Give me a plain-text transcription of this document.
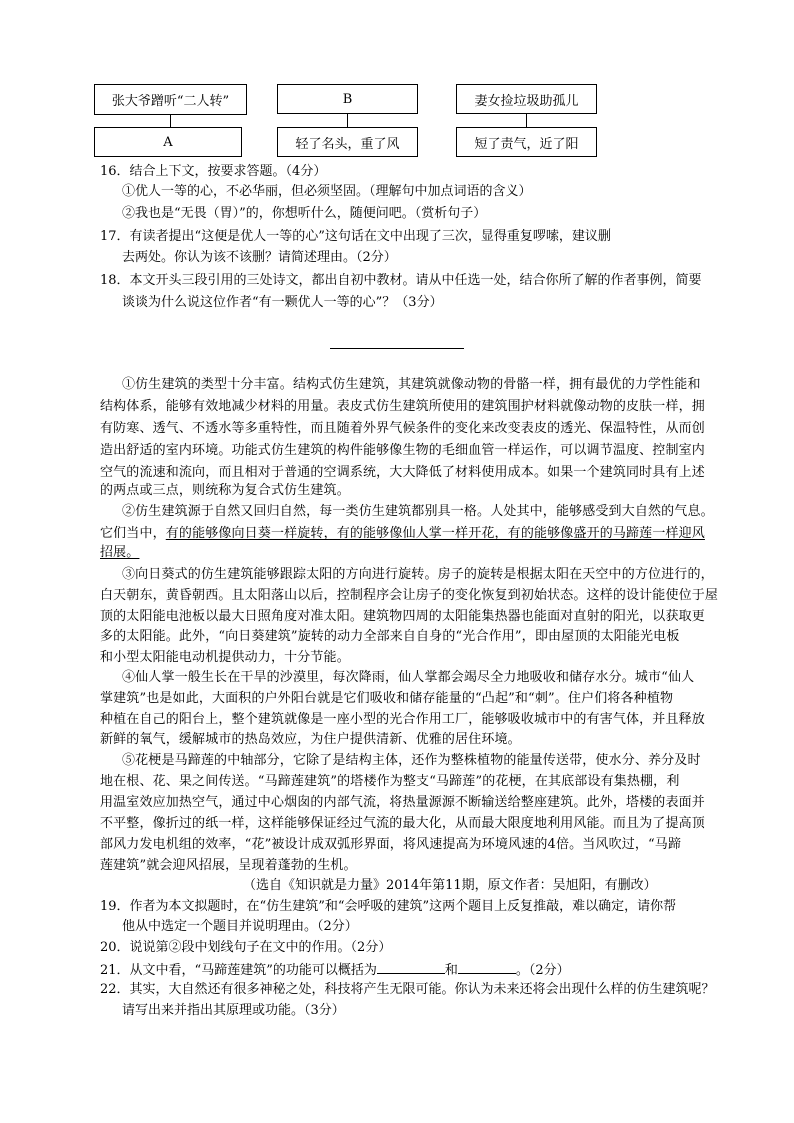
张大爷蹭听“二人转”
A
B
轻了名头，重了风
妻女捡垃圾助孤儿
短了责气，近了阳
16．结合上下文，按要求答题。（4分）
①优人一等的心，不必华丽，但必须坚固。（理解句中加点词语的含义）
②我也是“无畏（胃）”的，你想听什么，随便问吧。（赏析句子）
17．有读者提出“这便是优人一等的心”这句话在文中出现了三次，显得重复啰嗦，建议删
去两处。你认为该不该删？请简述理由。（2分）
18．本文开头三段引用的三处诗文，都出自初中教材。请从中任选一处，结合你所了解的作者事例，简要
谈谈为什么说这位作者“有一颗优人一等的心”？（3分）
①仿生建筑的类型十分丰富。结构式仿生建筑，其建筑就像动物的骨骼一样，拥有最优的力学性能和
结构体系，能够有效地减少材料的用量。表皮式仿生建筑所使用的建筑围护材料就像动物的皮肤一样，拥
有防寒、透气、不透水等多重特性，而且随着外界气候条件的变化来改变表皮的透光、保温特性，从而创
造出舒适的室内环境。功能式仿生建筑的构件能够像生物的毛细血管一样运作，可以调节温度、控制室内
空气的流速和流向，而且相对于普通的空调系统，大大降低了材料使用成本。如果一个建筑同时具有上述
的两点或三点，则统称为复合式仿生建筑。
②仿生建筑源于自然又回归自然，每一类仿生建筑都别具一格。人处其中，能够感受到大自然的气息。
它们当中，有的能够像向日葵一样旋转，有的能够像仙人掌一样开花，有的能够像盛开的马蹄莲一样迎风
招展。
③向日葵式的仿生建筑能够跟踪太阳的方向进行旋转。房子的旋转是根据太阳在天空中的方位进行的，
白天朝东，黄昏朝西。且太阳落山以后，控制程序会让房子的变化恢复到初始状态。这样的设计能使位于屋
顶的太阳能电池板以最大日照角度对准太阳。建筑物四周的太阳能集热器也能面对直射的阳光，以获取更
多的太阳能。此外，“向日葵建筑”旋转的动力全部来自自身的“光合作用”，即由屋顶的太阳能光电板
和小型太阳能电动机提供动力，十分节能。
④仙人掌一般生长在干旱的沙漠里，每次降雨，仙人掌都会竭尽全力地吸收和储存水分。城市“仙人
掌建筑”也是如此，大面积的户外阳台就是它们吸收和储存能量的“凸起”和“刺”。住户们将各种植物
种植在自己的阳台上，整个建筑就像是一座小型的光合作用工厂，能够吸收城市中的有害气体，并且释放
新鲜的氧气，缓解城市的热岛效应，为住户提供清新、优雅的居住环境。
⑤花梗是马蹄莲的中轴部分，它除了是结构主体，还作为整株植物的能量传送带，使水分、养分及时
地在根、花、果之间传送。“马蹄莲建筑”的塔楼作为整支“马蹄莲”的花梗，在其底部设有集热棚，利
用温室效应加热空气，通过中心烟囱的内部气流，将热量源源不断输送给整座建筑。此外，塔楼的表面并
不平整，像折过的纸一样，这样能够保证经过气流的最大化，从而最大限度地利用风能。而且为了提高顶
部风力发电机组的效率，“花”被设计成双弧形界面，将风速提高为环境风速的4倍。当风吹过，“马蹄
莲建筑”就会迎风招展，呈现着蓬勃的生机。
（选自《知识就是力量》2014年第11期，原文作者：吴旭阳，有删改）
19．作者为本文拟题时，在“仿生建筑”和“会呼吸的建筑”这两个题目上反复推敲，难以确定，请你帮
他从中选定一个题目并说明理由。（2分）
20．说说第②段中划线句子在文中的作用。（2分）
21．从文中看，“马蹄莲建筑”的功能可以概括为	和	。（2分）
22．其实，大自然还有很多神秘之处，科技将产生无限可能。你认为未来还将会出现什么样的仿生建筑呢？
请写出来并指出其原理或功能。（3分）
